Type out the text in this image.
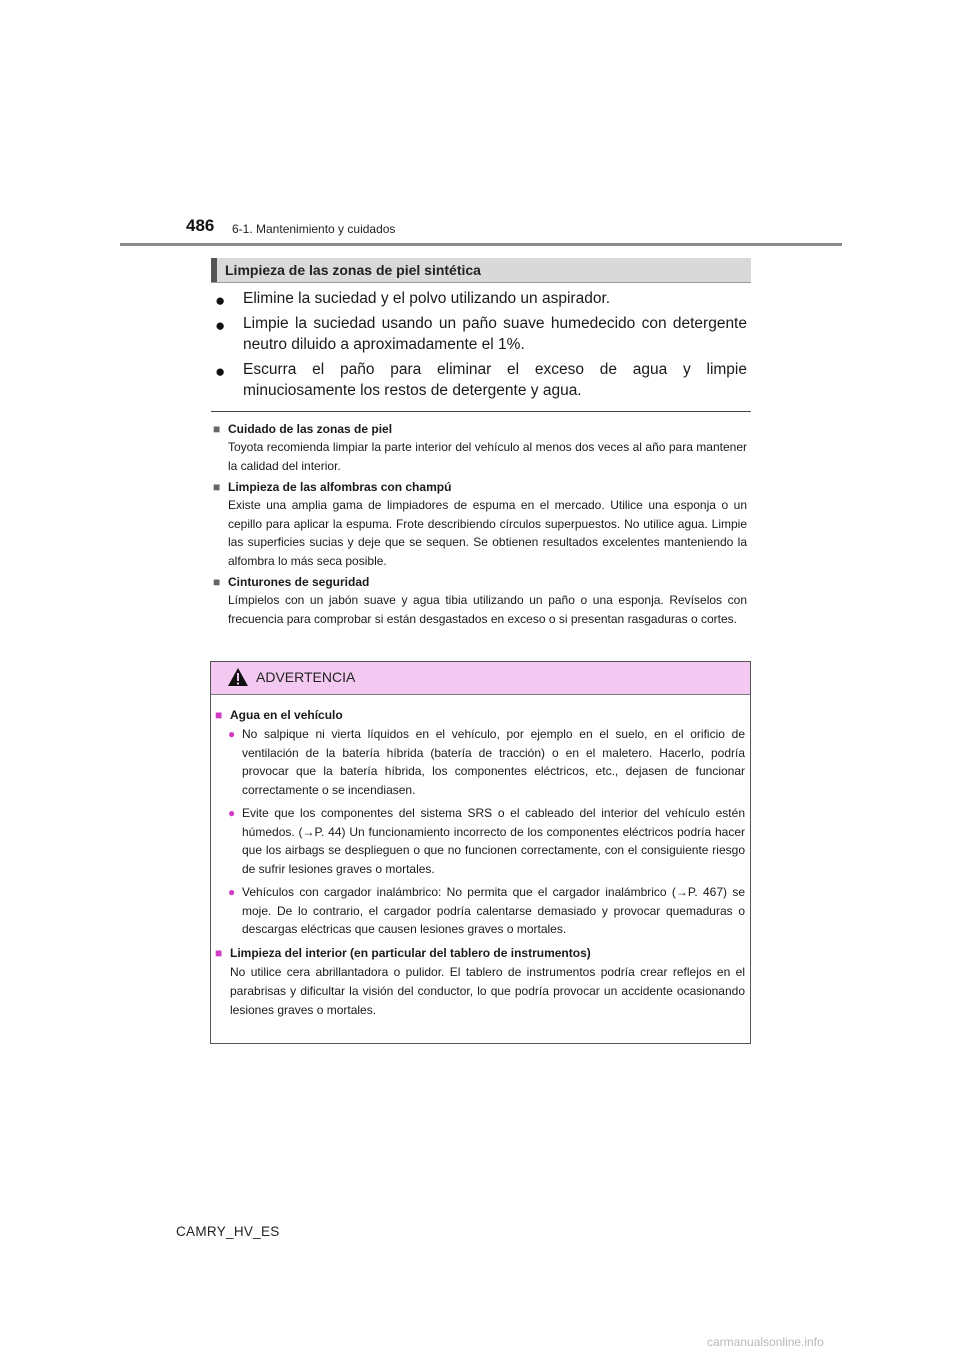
486 6-1. Mantenimiento y cuidados
Limpieza de las zonas de piel sintética
● Elimine la suciedad y el polvo utilizando un aspirador.
● Limpie la suciedad usando un paño suave humedecido con detergente neutro diluido a aproximadamente el 1%.
● Escurra el paño para eliminar el exceso de agua y limpie minuciosamente los restos de detergente y agua.
■ Cuidado de las zonas de piel
Toyota recomienda limpiar la parte interior del vehículo al menos dos veces al año para mantener la calidad del interior.
■ Limpieza de las alfombras con champú
Existe una amplia gama de limpiadores de espuma en el mercado. Utilice una esponja o un cepillo para aplicar la espuma. Frote describiendo círculos superpuestos. No utilice agua. Limpie las superficies sucias y deje que se sequen. Se obtienen resultados excelentes manteniendo la alfombra lo más seca posible.
■ Cinturones de seguridad
Límpielos con un jabón suave y agua tibia utilizando un paño o una esponja. Revíselos con frecuencia para comprobar si están desgastados en exceso o si presentan rasgaduras o cortes.
ADVERTENCIA
■ Agua en el vehículo
● No salpique ni vierta líquidos en el vehículo, por ejemplo en el suelo, en el orificio de ventilación de la batería híbrida (batería de tracción) o en el maletero. Hacerlo, podría provocar que la batería híbrida, los componentes eléctricos, etc., dejasen de funcionar correctamente o se incendiasen.
● Evite que los componentes del sistema SRS o el cableado del interior del vehículo estén húmedos. (→P. 44) Un funcionamiento incorrecto de los componentes eléctricos podría hacer que los airbags se desplieguen o que no funcionen correctamente, con el consiguiente riesgo de sufrir lesiones graves o mortales.
● Vehículos con cargador inalámbrico: No permita que el cargador inalámbrico (→P. 467) se moje. De lo contrario, el cargador podría calentarse demasiado y provocar quemaduras o descargas eléctricas que causen lesiones graves o mortales.
■ Limpieza del interior (en particular del tablero de instrumentos)
No utilice cera abrillantadora o pulidor. El tablero de instrumentos podría crear reflejos en el parabrisas y dificultar la visión del conductor, lo que podría provocar un accidente ocasionando lesiones graves o mortales.
CAMRY_HV_ES
carmanualsonline.info
